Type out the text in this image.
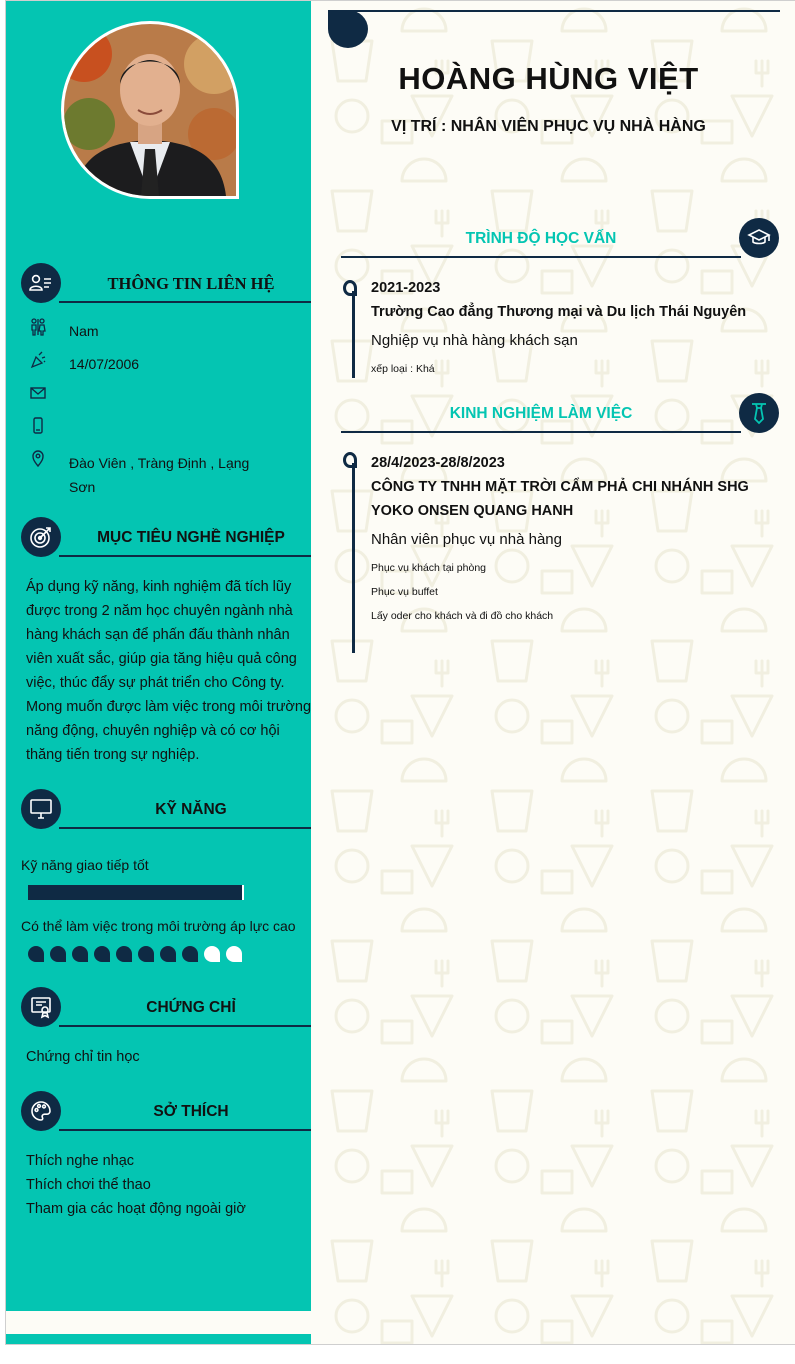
THÔNG TIN LIÊN HỆ
Nam
14/07/2006
Đào Viên , Tràng Định , Lạng Sơn
MỤC TIÊU NGHỀ NGHIỆP
Áp dụng kỹ năng, kinh nghiệm đã tích lũy được trong 2 năm học chuyên ngành nhà hàng khách sạn để phấn đấu thành nhân viên xuất sắc, giúp gia tăng hiệu quả công việc, thúc đẩy sự phát triển cho Công ty. Mong muốn được làm việc trong môi trường năng động, chuyên nghiệp và có cơ hội thăng tiến trong sự nghiệp.
KỸ NĂNG
Kỹ năng giao tiếp tốt
Có thể làm việc trong môi trường áp lực cao
CHỨNG CHỈ
Chứng chỉ tin học
SỞ THÍCH
Thích nghe nhạc
Thích chơi thể thao
Tham gia các hoạt động ngoài giờ
HOÀNG HÙNG VIỆT
VỊ TRÍ : NHÂN VIÊN PHỤC VỤ NHÀ HÀNG
TRÌNH ĐỘ HỌC VẤN
2021-2023
Trường Cao đẳng Thương mại và Du lịch Thái Nguyên
Nghiệp vụ nhà hàng khách sạn
xếp loại : Khá
KINH NGHIỆM LÀM VIỆC
28/4/2023-28/8/2023
CÔNG TY TNHH MẶT TRỜI CẨM PHẢ CHI NHÁNH SHG YOKO ONSEN QUANG HANH
Nhân viên phục vụ nhà hàng
Phục vụ khách tại phòng
Phục vụ buffet
Lấy oder cho khách và đi đồ cho khách
